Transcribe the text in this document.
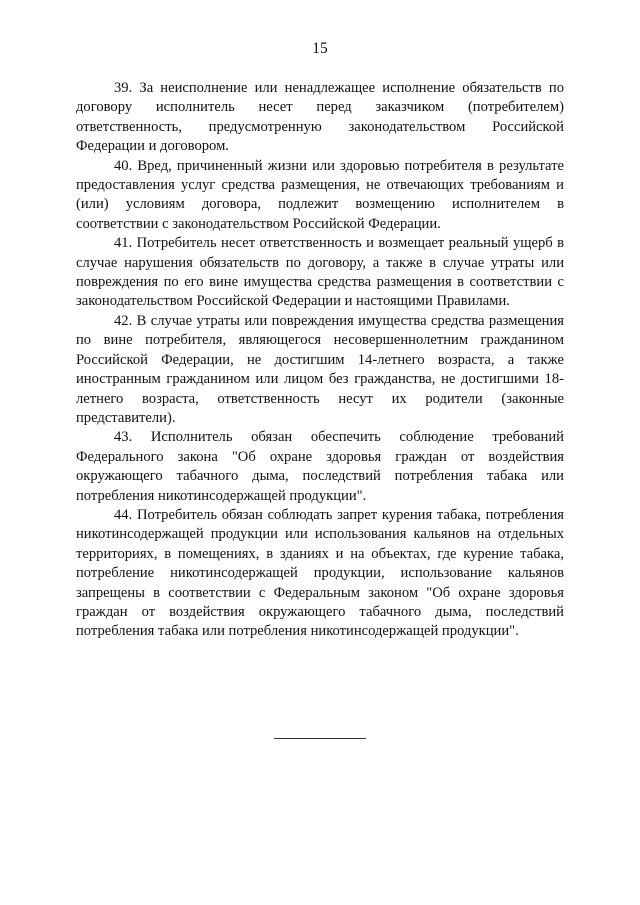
15

39. За неисполнение или ненадлежащее исполнение обязательств по договору исполнитель несет перед заказчиком (потребителем) ответственность, предусмотренную законодательством Российской Федерации и договором.

40. Вред, причиненный жизни или здоровью потребителя в результате предоставления услуг средства размещения, не отвечающих требованиям и (или) условиям договора, подлежит возмещению исполнителем в соответствии с законодательством Российской Федерации.

41. Потребитель несет ответственность и возмещает реальный ущерб в случае нарушения обязательств по договору, а также в случае утраты или повреждения по его вине имущества средства размещения в соответствии с законодательством Российской Федерации и настоящими Правилами.

42. В случае утраты или повреждения имущества средства размещения по вине потребителя, являющегося несовершеннолетним гражданином Российской Федерации, не достигшим 14-летнего возраста, а также иностранным гражданином или лицом без гражданства, не достигшими 18-летнего возраста, ответственность несут их родители (законные представители).

43. Исполнитель обязан обеспечить соблюдение требований Федерального закона "Об охране здоровья граждан от воздействия окружающего табачного дыма, последствий потребления табака или потребления никотинсодержащей продукции".

44. Потребитель обязан соблюдать запрет курения табака, потребления никотинсодержащей продукции или использования кальянов на отдельных территориях, в помещениях, в зданиях и на объектах, где курение табака, потребление никотинсодержащей продукции, использование кальянов запрещены в соответствии с Федеральным законом "Об охране здоровья граждан от воздействия окружающего табачного дыма, последствий потребления табака или потребления никотинсодержащей продукции".
